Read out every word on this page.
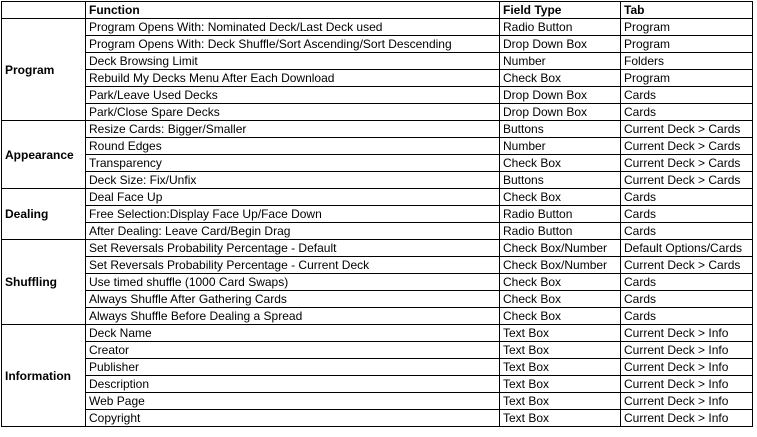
	Function	Field Type	Tab
Program	Program Opens With: Nominated Deck/Last Deck used	Radio Button	Program
	Program Opens With: Deck Shuffle/Sort Ascending/Sort Descending	Drop Down Box	Program
	Deck Browsing Limit	Number	Folders
	Rebuild My Decks Menu After Each Download	Check Box	Program
	Park/Leave Used Decks	Drop Down Box	Cards
	Park/Close Spare Decks	Drop Down Box	Cards
Appearance	Resize Cards: Bigger/Smaller	Buttons	Current Deck > Cards
	Round Edges	Number	Current Deck > Cards
	Transparency	Check Box	Current Deck > Cards
	Deck Size: Fix/Unfix	Buttons	Current Deck > Cards
Dealing	Deal Face Up	Check Box	Cards
	Free Selection:Display Face Up/Face Down	Radio Button	Cards
	After Dealing: Leave Card/Begin Drag	Radio Button	Cards
Shuffling	Set Reversals Probability Percentage - Default	Check Box/Number	Default Options/Cards
	Set Reversals Probability Percentage - Current Deck	Check Box/Number	Current Deck > Cards
	Use timed shuffle (1000 Card Swaps)	Check Box	Cards
	Always Shuffle After Gathering Cards	Check Box	Cards
	Always Shuffle Before Dealing a Spread	Check Box	Cards
Information	Deck Name	Text Box	Current Deck > Info
	Creator	Text Box	Current Deck > Info
	Publisher	Text Box	Current Deck > Info
	Description	Text Box	Current Deck > Info
	Web Page	Text Box	Current Deck > Info
	Copyright	Text Box	Current Deck > Info
